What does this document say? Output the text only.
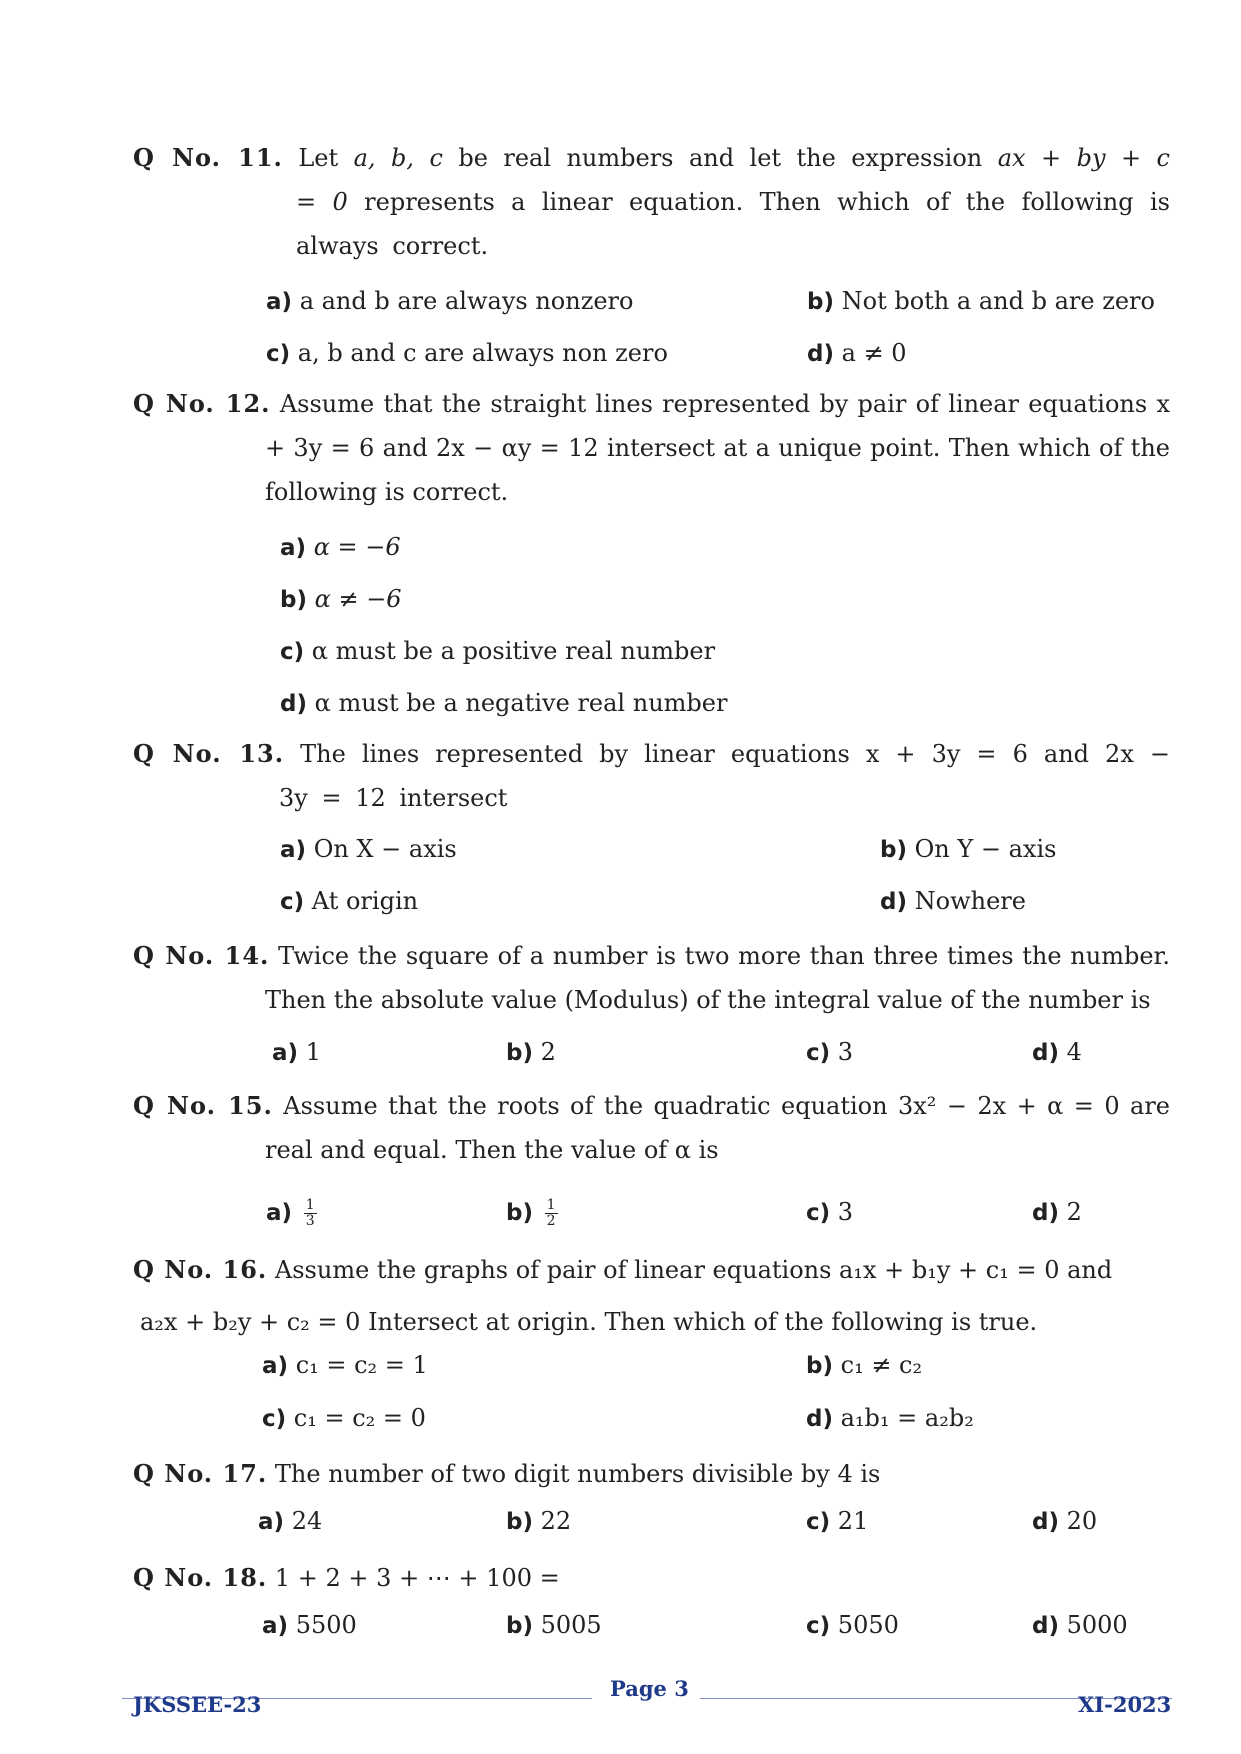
Q No. 11. Let a, b, c be real numbers and let the expression ax + by + c = 0 represents a linear equation. Then which of the following is always correct.
a) a and b are always nonzero	b) Not both a and b are zero
c) a, b and c are always non zero	d) a ≠ 0
Q No. 12. Assume that the straight lines represented by pair of linear equations x + 3y = 6 and 2x − αy = 12 intersect at a unique point. Then which of the following is correct.
a) α = −6
b) α ≠ −6
c) α must be a positive real number
d) α must be a negative real number
Q No. 13. The lines represented by linear equations x + 3y = 6 and 2x − 3y = 12 intersect
a) On X − axis	b) On Y − axis
c) At origin	d) Nowhere
Q No. 14. Twice the square of a number is two more than three times the number. Then the absolute value (Modulus) of the integral value of the number is
a) 1	b) 2	c) 3	d) 4
Q No. 15. Assume that the roots of the quadratic equation 3x² − 2x + α = 0 are real and equal. Then the value of α is
$a) \frac{1}{3}$	$b) \frac{1}{2}$	c) 3	d) 2
Q No. 16. Assume the graphs of pair of linear equations a₁x + b₁y + c₁ = 0 and
a₂x + b₂y + c₂ = 0 Intersect at origin. Then which of the following is true.
a) c₁ = c₂ = 1	b) c₁ ≠ c₂
c) c₁ = c₂ = 0	d) a₁b₁ = a₂b₂
Q No. 17. The number of two digit numbers divisible by 4 is
a) 24	b) 22	c) 21	d) 20
Q No. 18. 1 + 2 + 3 + ⋯ + 100 =
a) 5500	b) 5005	c) 5050	d) 5000
JKSSEE-23
Page 3
XI-2023
